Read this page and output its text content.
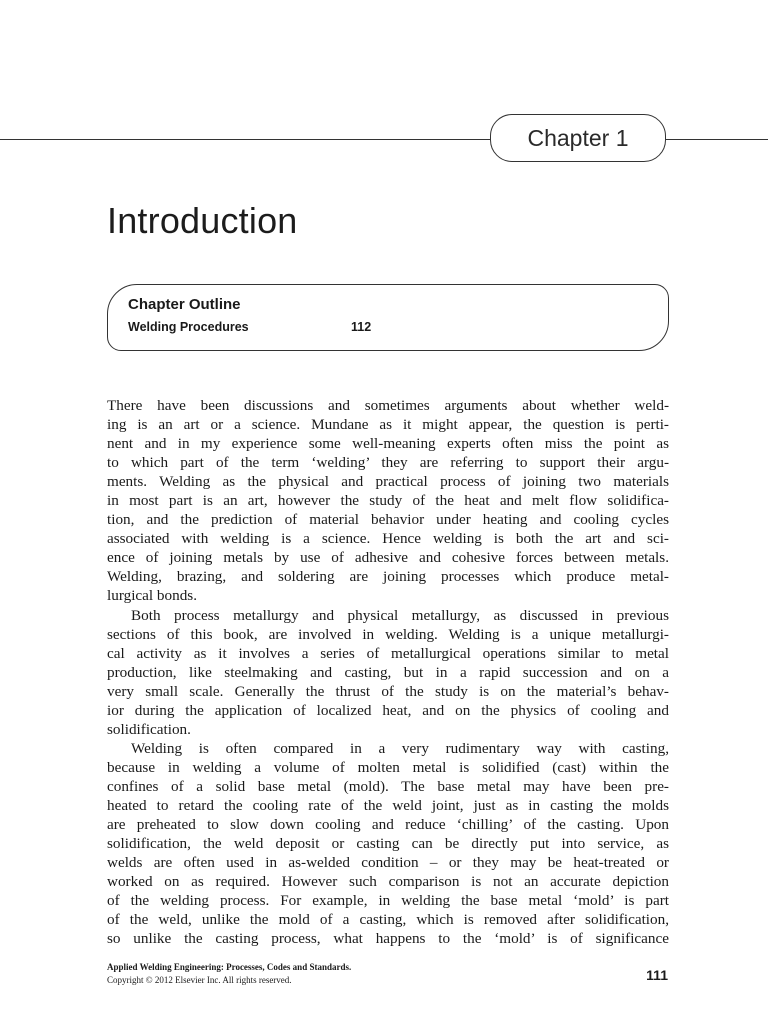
Chapter 1
Introduction
Chapter Outline
Welding Procedures	112
There have been discussions and sometimes arguments about whether weld-
ing is an art or a science. Mundane as it might appear, the question is perti-
nent and in my experience some well-meaning experts often miss the point as
to which part of the term ‘welding’ they are referring to support their argu-
ments. Welding as the physical and practical process of joining two materials
in most part is an art, however the study of the heat and melt flow solidifica-
tion, and the prediction of material behavior under heating and cooling cycles
associated with welding is a science. Hence welding is both the art and sci-
ence of joining metals by use of adhesive and cohesive forces between metals.
Welding, brazing, and soldering are joining processes which produce metal-
lurgical bonds.
Both process metallurgy and physical metallurgy, as discussed in previous
sections of this book, are involved in welding. Welding is a unique metallurgi-
cal activity as it involves a series of metallurgical operations similar to metal
production, like steelmaking and casting, but in a rapid succession and on a
very small scale. Generally the thrust of the study is on the material’s behav-
ior during the application of localized heat, and on the physics of cooling and
solidification.
Welding is often compared in a very rudimentary way with casting,
because in welding a volume of molten metal is solidified (cast) within the
confines of a solid base metal (mold). The base metal may have been pre-
heated to retard the cooling rate of the weld joint, just as in casting the molds
are preheated to slow down cooling and reduce ‘chilling’ of the casting. Upon
solidification, the weld deposit or casting can be directly put into service, as
welds are often used in as-welded condition – or they may be heat-treated or
worked on as required. However such comparison is not an accurate depiction
of the welding process. For example, in welding the base metal ‘mold’ is part
of the weld, unlike the mold of a casting, which is removed after solidification,
so unlike the casting process, what happens to the ‘mold’ is of significance
Applied Welding Engineering: Processes, Codes and Standards.
Copyright © 2012 Elsevier Inc. All rights reserved.	111
